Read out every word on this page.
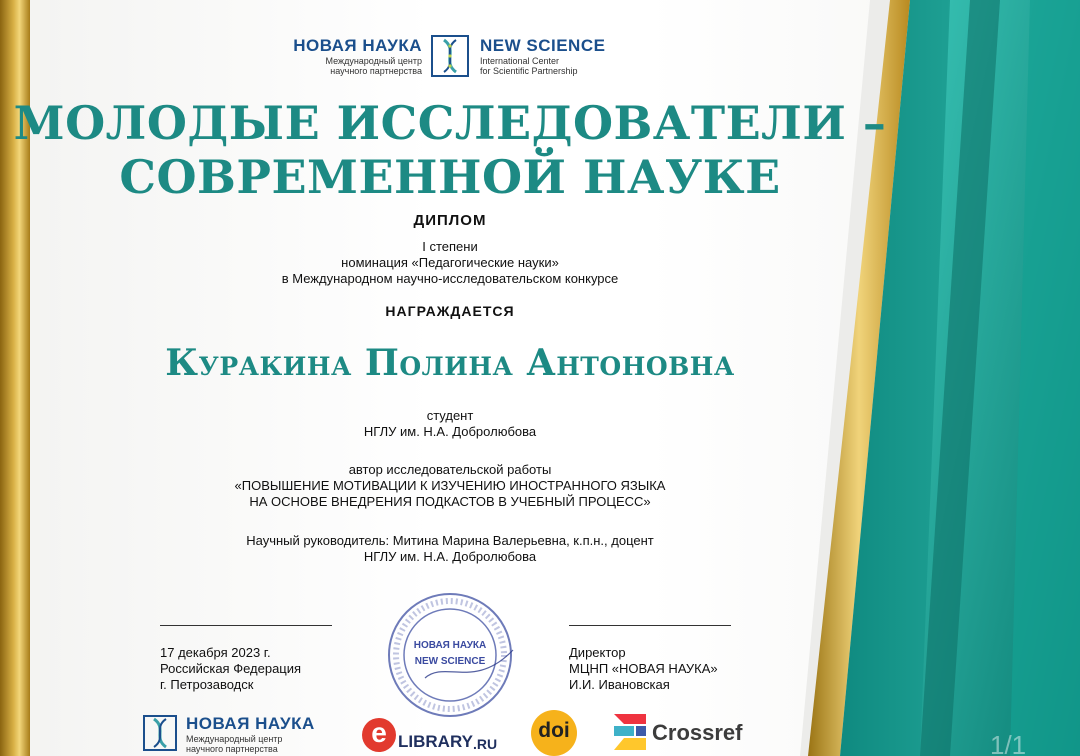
НОВАЯ НАУКА
Международный центр
научного партнерства
NEW SCIENCE
International Center
for Scientific Partnership
МОЛОДЫЕ ИССЛЕДОВАТЕЛИ –
СОВРЕМЕННОЙ НАУКЕ
ДИПЛОМ
I степени
номинация «Педагогические науки»
в Международном научно-исследовательском конкурсе
НАГРАЖДАЕТСЯ
Куракина Полина Антоновна
студент
НГЛУ им. Н.А. Добролюбова
автор исследовательской работы
«ПОВЫШЕНИЕ МОТИВАЦИИ К ИЗУЧЕНИЮ ИНОСТРАННОГО ЯЗЫКА
НА ОСНОВЕ ВНЕДРЕНИЯ ПОДКАСТОВ В УЧЕБНЫЙ ПРОЦЕСС»
Научный руководитель: Митина Марина Валерьевна, к.п.н., доцент
НГЛУ им. Н.А. Добролюбова
17 декабря 2023 г.
Российская Федерация
г. Петрозаводск
Директор
МЦНП «НОВАЯ НАУКА»
И.И. Ивановская
НОВАЯ НАУКА
NEW SCIENCE
НОВАЯ НАУКА
Международный центр
научного партнерства
e LIBRARY .RU
doi	Crossref	1/1
